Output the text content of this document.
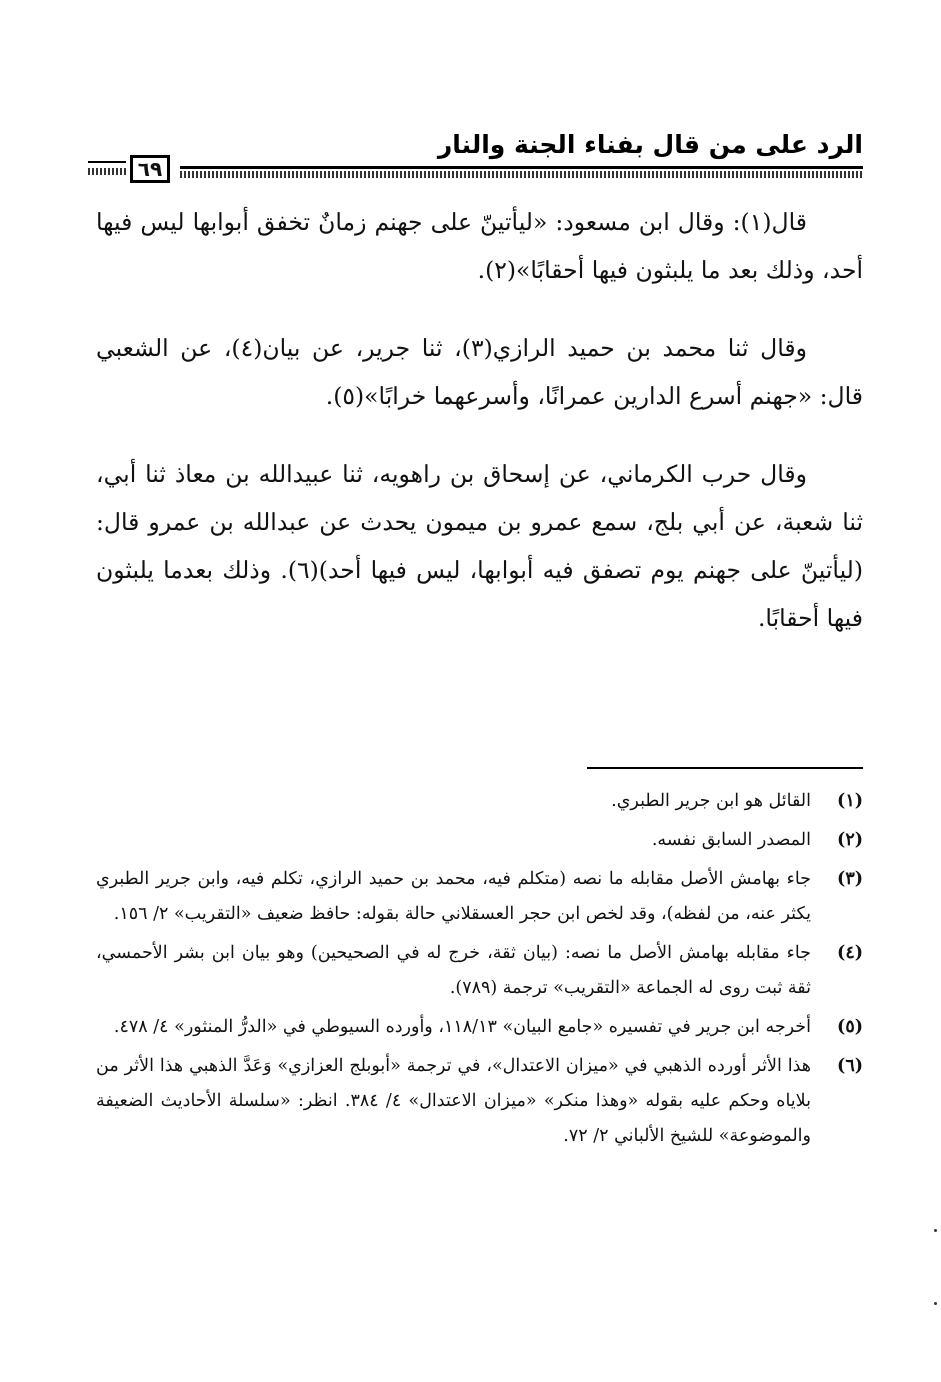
الرد على من قال بفناء الجنة والنار
٦٩

قال(١): وقال ابن مسعود: «ليأتينّ على جهنم زمانٌ تخفق أبوابها ليس فيها أحد، وذلك بعد ما يلبثون فيها أحقابًا»(٢).

وقال ثنا محمد بن حميد الرازي(٣)، ثنا جرير، عن بيان(٤)، عن الشعبي قال: «جهنم أسرع الدارين عمرانًا، وأسرعهما خرابًا»(٥).

وقال حرب الكرماني، عن إسحاق بن راهويه، ثنا عبيدالله بن معاذ ثنا أبي، ثنا شعبة، عن أبي بلج، سمع عمرو بن ميمون يحدث عن عبدالله بن عمرو قال: (ليأتينّ على جهنم يوم تصفق فيه أبوابها، ليس فيها أحد)(٦). وذلك بعدما يلبثون فيها أحقابًا.

(١)
القائل هو ابن جرير الطبري.
(٢)
المصدر السابق نفسه.
(٣)
جاء بهامش الأصل مقابله ما نصه (متكلم فيه، محمد بن حميد الرازي، تكلم فيه، وابن جرير الطبري يكثر عنه، من لفظه)، وقد لخص ابن حجر العسقلاني حالة بقوله: حافظ ضعيف «التقريب» ٢/ ١٥٦.
(٤)
جاء مقابله بهامش الأصل ما نصه: (بيان ثقة، خرج له في الصحيحين) وهو بيان ابن بشر الأحمسي، ثقة ثبت روى له الجماعة «التقريب» ترجمة (٧٨٩).
(٥)
أخرجه ابن جرير في تفسيره «جامع البيان» ١١٨/١٣، وأورده السيوطي في «الدرُّ المنثور» ٤/ ٤٧٨.
(٦)
هذا الأثر أورده الذهبي في «ميزان الاعتدال»، في ترجمة «أبوبلج العزازي» وَعَدَّ الذهبي هذا الأثر من بلاياه وحكم عليه بقوله «وهذا منكر» «ميزان الاعتدال» ٤/ ٣٨٤. انظر: «سلسلة الأحاديث الضعيفة والموضوعة» للشيخ الألباني ٢/ ٧٢.
